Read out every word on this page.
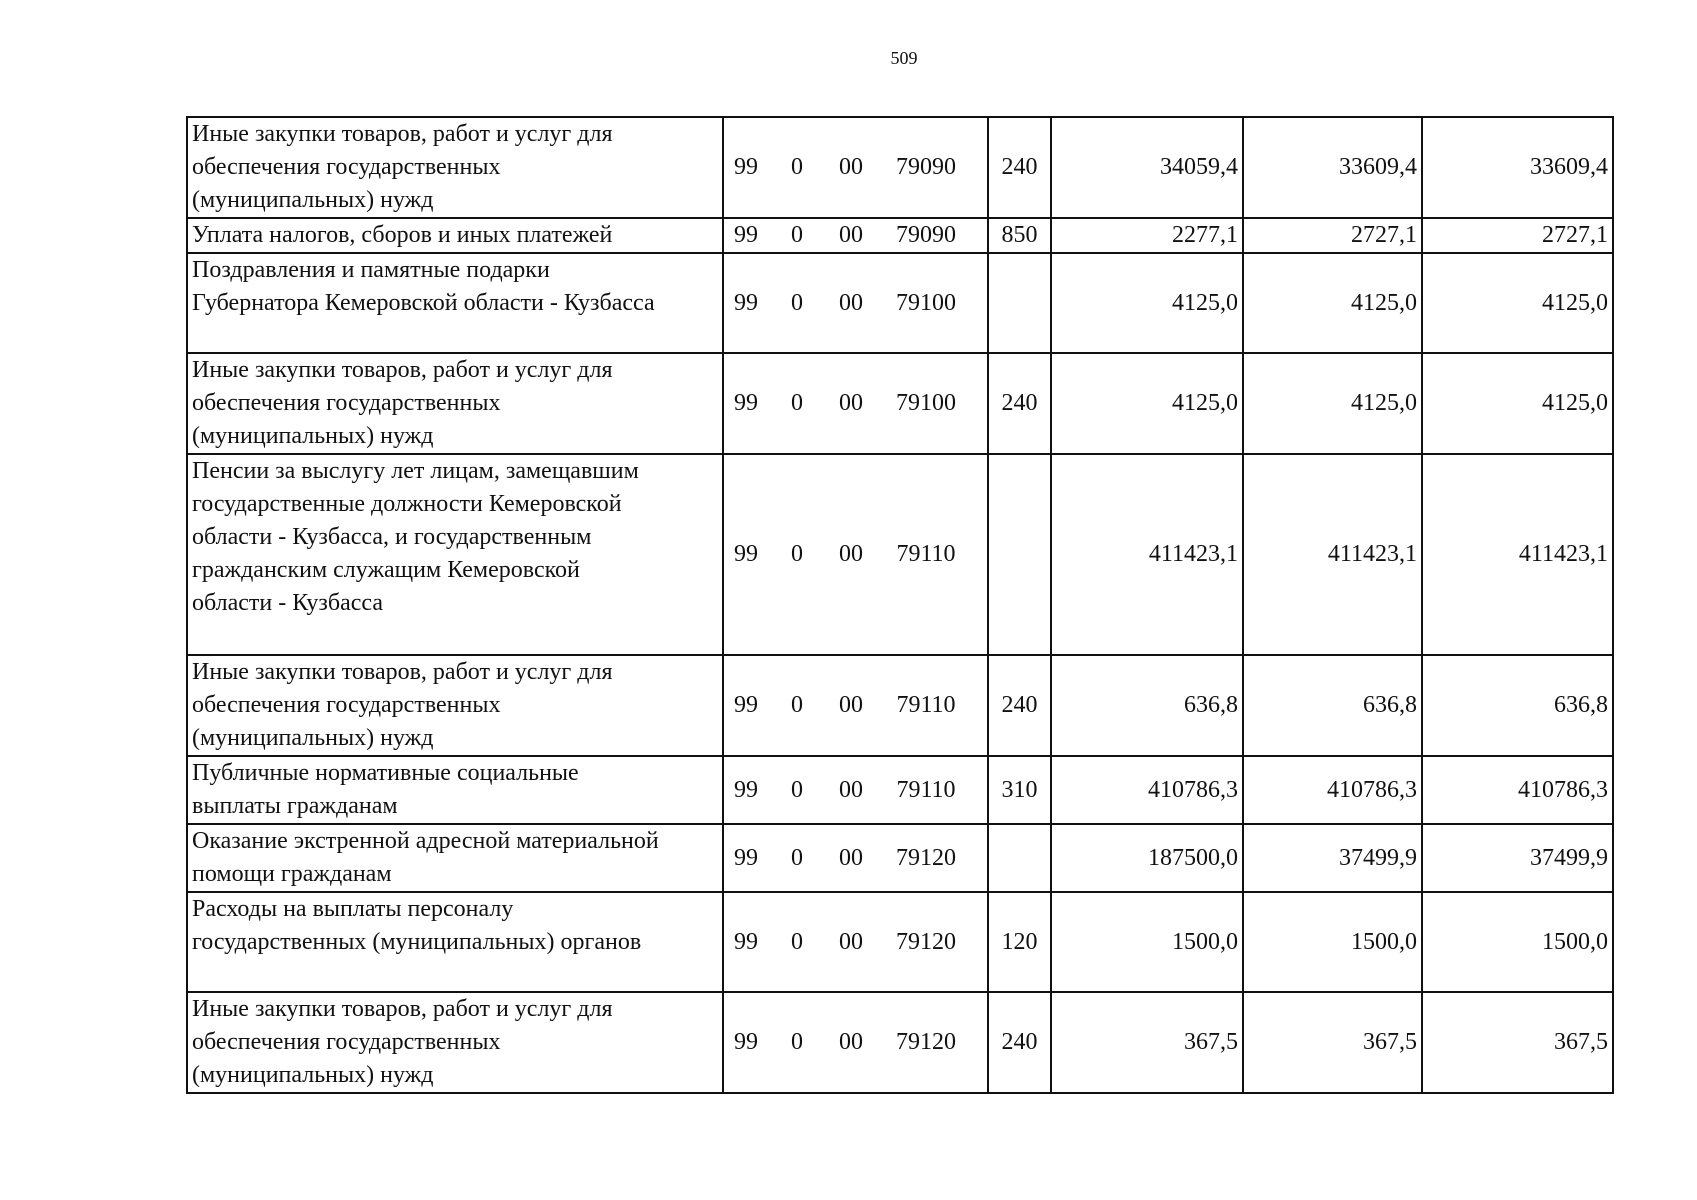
509
Иные закупки товаров, работ и услуг для
обеспечения государственных
(муниципальных) нужд	99 0 00 79090	240	34059,4	33609,4	33609,4
Уплата налогов, сборов и иных платежей	99 0 00 79090	850	2277,1	2727,1	2727,1
Поздравления и памятные подарки
Губернатора Кемеровской области - Кузбасса	99 0 00 79100		4125,0	4125,0	4125,0
Иные закупки товаров, работ и услуг для
обеспечения государственных
(муниципальных) нужд	99 0 00 79100	240	4125,0	4125,0	4125,0
Пенсии за выслугу лет лицам, замещавшим
государственные должности Кемеровской
области - Кузбасса, и государственным
гражданским служащим Кемеровской
области - Кузбасса	99 0 00 79110		411423,1	411423,1	411423,1
Иные закупки товаров, работ и услуг для
обеспечения государственных
(муниципальных) нужд	99 0 00 79110	240	636,8	636,8	636,8
Публичные нормативные социальные
выплаты гражданам	99 0 00 79110	310	410786,3	410786,3	410786,3
Оказание экстренной адресной материальной
помощи гражданам	99 0 00 79120		187500,0	37499,9	37499,9
Расходы на выплаты персоналу
государственных (муниципальных) органов	99 0 00 79120	120	1500,0	1500,0	1500,0
Иные закупки товаров, работ и услуг для
обеспечения государственных
(муниципальных) нужд	99 0 00 79120	240	367,5	367,5	367,5
